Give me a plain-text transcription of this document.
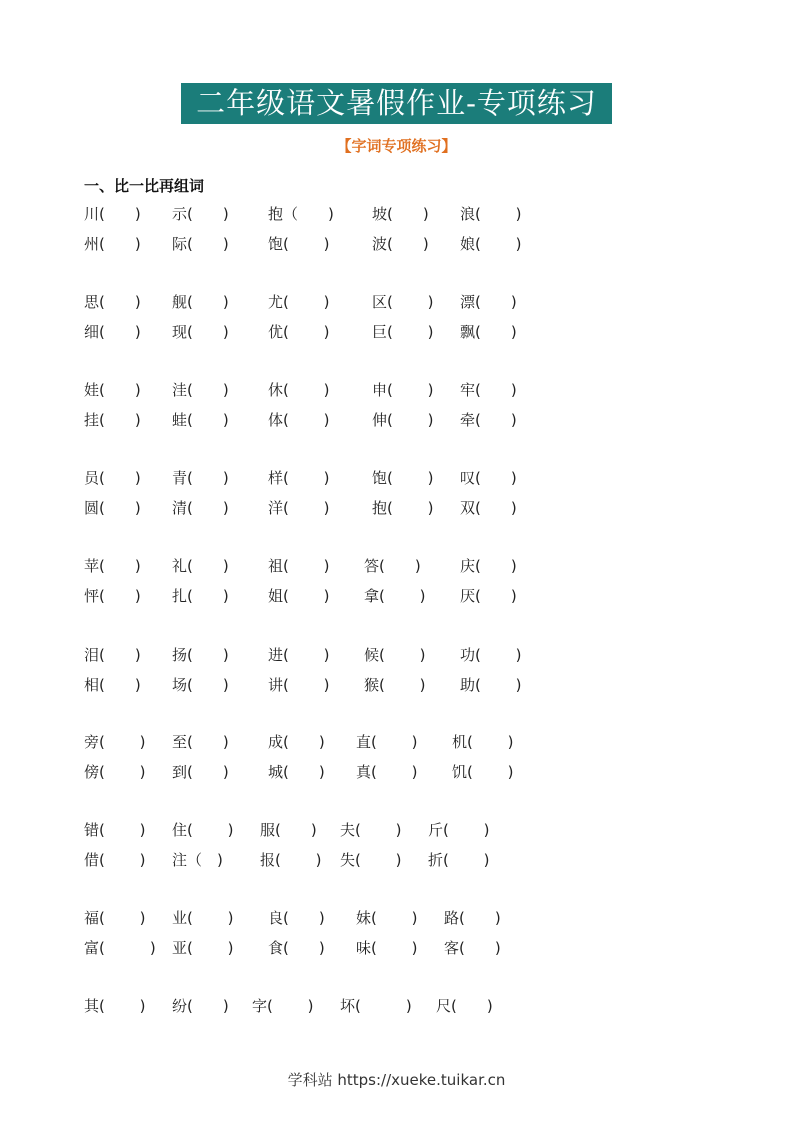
二年级语文暑假作业-专项练习
【字词专项练习】
一、比一比再组词
川(　　) 示(　　)	抱（　　)	坡(　　) 浪(　　 )
州(　　) 际(　　)	饱(　　 )	波(　　) 娘(　　 )
思(　　) 舰(　　)	尤(　　 )	区(　　 ) 漂(　　)
细(　　) 现(　　)	优(　　 )	巨(　　 ) 飘(　　)
娃(　　) 洼(　　)	休(　　 )	申(　　 ) 牢(　　)
挂(　　) 蛙(　　)	体(　　 )	伸(　　 ) 牵(　　)
员(　　) 青(　　)	样(　　 )	饱(　　 ) 叹(　　)
圆(　　) 清(　　)	洋(　　 )	抱(　　 ) 双(　　)
苹(　　) 礼(　　)	祖(　　 ) 答(　　)	庆(　　)
怦(　　) 扎(　　)	姐(　　 ) 拿(　　 ) 厌(　　)
泪(　　) 扬(　　)	进(　　 ) 候(　　 ) 功(　　 )
相(　　) 场(　　)	讲(　　 ) 猴(　　 ) 助(　　 )
旁(　　 ) 至(　　)	成(　　) 直(　　 ) 机(　　 )
傍(　　 ) 到(　　)	城(　　) 真(　　 ) 饥(　　 )
错(　　 ) 住(　　 ) 服(　　) 夫(　　 ) 斤(　　 )
借(　　 ) 注（　) 报(　　 ) 失(　　 ) 折(　　 )
福(　　 ) 业(　　 ) 良(　　) 妹(　　 ) 路(　　)
富(　　　) 亚(　　 ) 食(　　) 味(　　 ) 客(　　)
其(　　 ) 纷(　　) 字(　　 ) 坏(　　　) 尺(　　)
学科站 https://xueke.tuikar.cn
